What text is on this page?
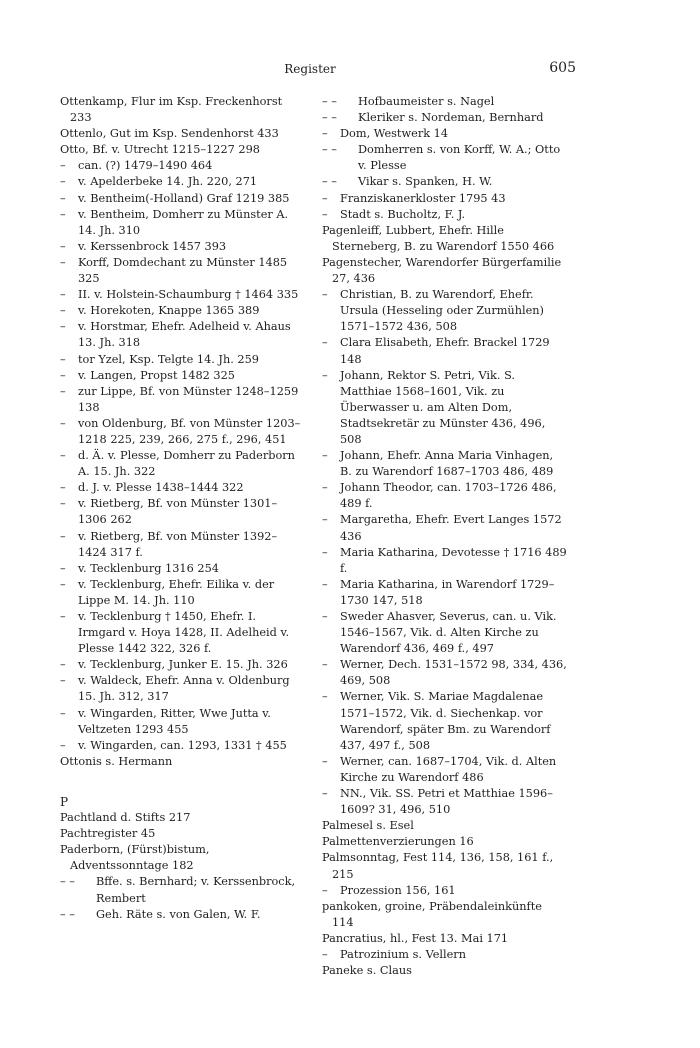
Register	605
Ottenkamp, Flur im Ksp. Freckenhorst 233
Ottenlo, Gut im Ksp. Sendenhorst 433
Otto, Bf. v. Utrecht 1215–1227 298
–	can. (?) 1479–1490 464
–	v. Apelderbeke 14. Jh. 220, 271
–	v. Bentheim(-Holland) Graf 1219 385
–	v. Bentheim, Domherr zu Münster A. 14. Jh. 310
–	v. Kerssenbrock 1457 393
–	Korff, Domdechant zu Münster 1485 325
–	II. v. Holstein-Schaumburg † 1464 335
–	v. Horekoten, Knappe 1365 389
–	v. Horstmar, Ehefr. Adelheid v. Ahaus 13. Jh. 318
–	tor Yzel, Ksp. Telgte 14. Jh. 259
–	v. Langen, Propst 1482 325
–	zur Lippe, Bf. von Münster 1248–1259 138
–	von Oldenburg, Bf. von Münster 1203–1218 225, 239, 266, 275 f., 296, 451
–	d. Ä. v. Plesse, Domherr zu Paderborn A. 15. Jh. 322
–	d. J. v. Plesse 1438–1444 322
–	v. Rietberg, Bf. von Münster 1301–1306 262
–	v. Rietberg, Bf. von Münster 1392–1424 317 f.
–	v. Tecklenburg 1316 254
–	v. Tecklenburg, Ehefr. Eilika v. der Lippe M. 14. Jh. 110
–	v. Tecklenburg † 1450, Ehefr. I. Irmgard v. Hoya 1428, II. Adelheid v. Plesse 1442 322, 326 f.
–	v. Tecklenburg, Junker E. 15. Jh. 326
–	v. Waldeck, Ehefr. Anna v. Oldenburg 15. Jh. 312, 317
–	v. Wingarden, Ritter, Wwe Jutta v. Veltzeten 1293 455
–	v. Wingarden, can. 1293, 1331 † 455
Ottonis s. Hermann
P
Pachtland d. Stifts 217
Pachtregister 45
Paderborn, (Fürst)bistum, Adventssonntage 182
– –	Bffe. s. Bernhard; v. Kerssenbrock, Rembert
– –	Geh. Räte s. von Galen, W. F.
– –	Hofbaumeister s. Nagel
– –	Kleriker s. Nordeman, Bernhard
–	Dom, Westwerk 14
– –	Domherren s. von Korff, W. A.; Otto v. Plesse
– –	Vikar s. Spanken, H. W.
–	Franziskanerkloster 1795 43
–	Stadt s. Bucholtz, F. J.
Pagenleiff, Lubbert, Ehefr. Hille Sterneberg, B. zu Warendorf 1550 466
Pagenstecher, Warendorfer Bürgerfamilie 27, 436
–	Christian, B. zu Warendorf, Ehefr. Ursula (Hesseling oder Zurmühlen) 1571–1572 436, 508
–	Clara Elisabeth, Ehefr. Brackel 1729 148
–	Johann, Rektor S. Petri, Vik. S. Matthiae 1568–1601, Vik. zu Überwasser u. am Alten Dom, Stadtsekretär zu Münster 436, 496, 508
–	Johann, Ehefr. Anna Maria Vinhagen, B. zu Warendorf 1687–1703 486, 489
–	Johann Theodor, can. 1703–1726 486, 489 f.
–	Margaretha, Ehefr. Evert Langes 1572 436
–	Maria Katharina, Devotesse † 1716 489 f.
–	Maria Katharina, in Warendorf 1729–1730 147, 518
–	Sweder Ahasver, Severus, can. u. Vik. 1546–1567, Vik. d. Alten Kirche zu Warendorf 436, 469 f., 497
–	Werner, Dech. 1531–1572 98, 334, 436, 469, 508
–	Werner, Vik. S. Mariae Magdalenae 1571–1572, Vik. d. Siechenkap. vor Warendorf, später Bm. zu Warendorf 437, 497 f., 508
–	Werner, can. 1687–1704, Vik. d. Alten Kirche zu Warendorf 486
–	NN., Vik. SS. Petri et Matthiae 1596–1609? 31, 496, 510
Palmesel s. Esel
Palmettenverzierungen 16
Palmsonntag, Fest 114, 136, 158, 161 f., 215
–	Prozession 156, 161
pankoken, groine, Präbendaleinkünfte 114
Pancratius, hl., Fest 13. Mai 171
–	Patrozinium s. Vellern
Paneke s. Claus
